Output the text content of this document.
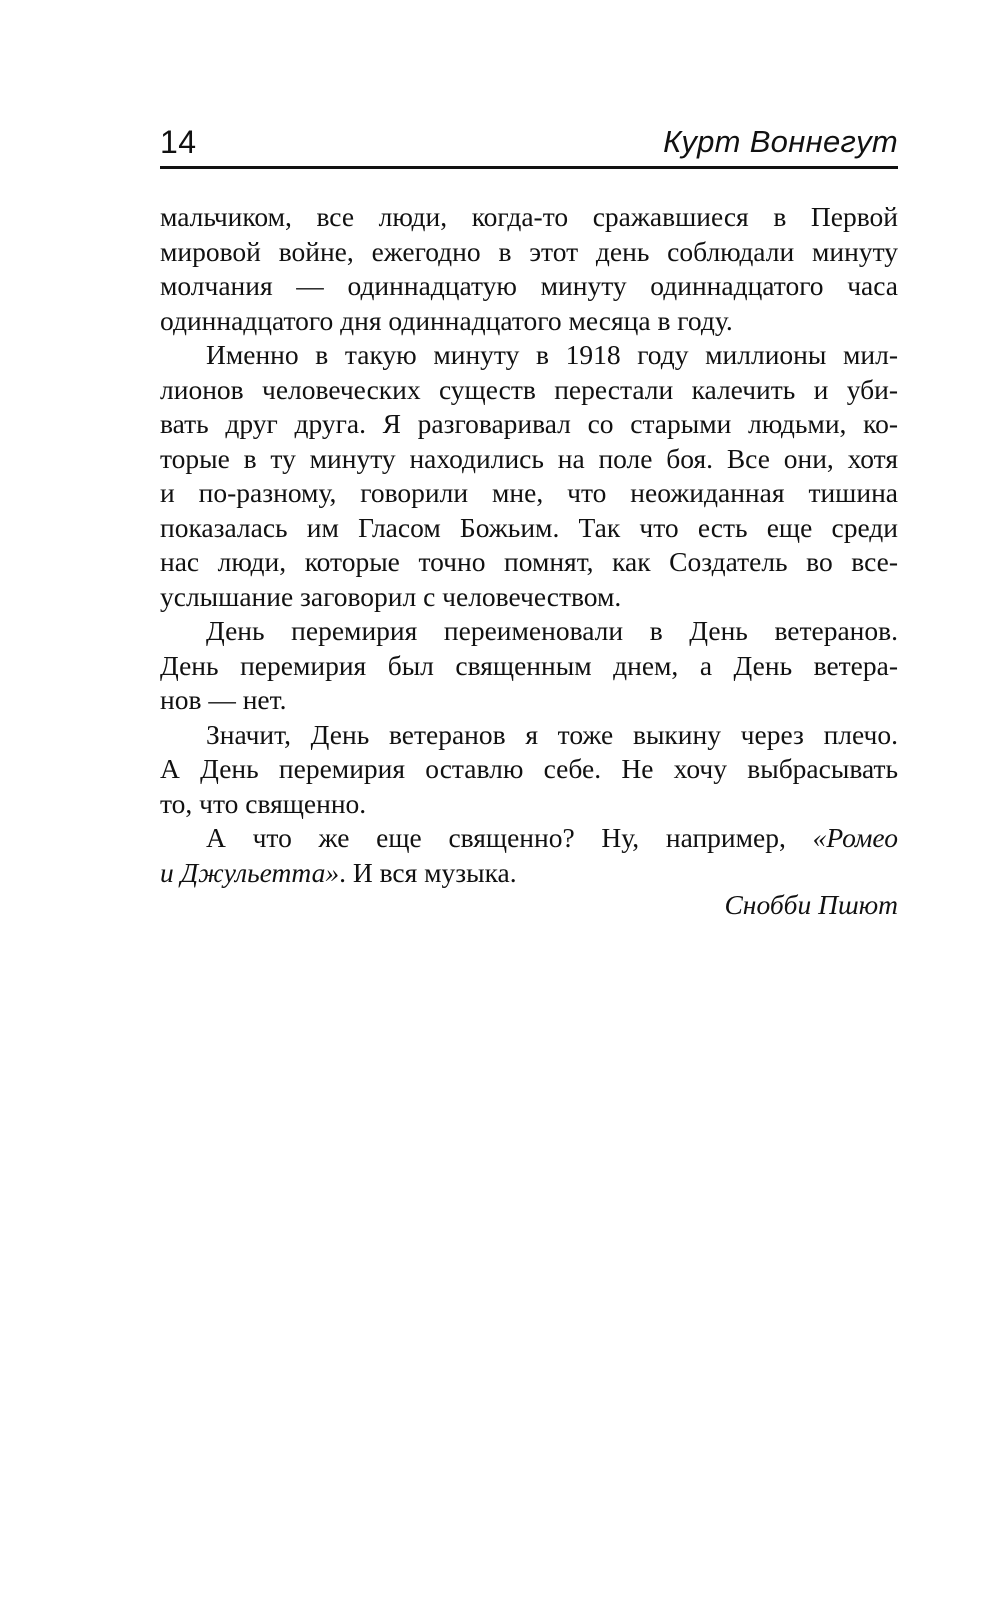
14	Курт Воннегут
мальчиком, все люди, когда-то сражавшиеся в Первой
мировой войне, ежегодно в этот день соблюдали минуту
молчания — одиннадцатую минуту одиннадцатого часа
одиннадцатого дня одиннадцатого месяца в году.
Именно в такую минуту в 1918 году миллионы мил-
лионов человеческих существ перестали калечить и уби-
вать друг друга. Я разговаривал со старыми людьми, ко-
торые в ту минуту находились на поле боя. Все они, хотя
и по-разному, говорили мне, что неожиданная тишина
показалась им Гласом Божьим. Так что есть еще среди
нас люди, которые точно помнят, как Создатель во все-
услышание заговорил с человечеством.
День перемирия переименовали в День ветеранов.
День перемирия был священным днем, а День ветера-
нов — нет.
Значит, День ветеранов я тоже выкину через плечо.
А День перемирия оставлю себе. Не хочу выбрасывать
то, что священно.
А что же еще священно? Ну, например, «Ромео
и Джульетта». И вся музыка.
Снобби Пшют
